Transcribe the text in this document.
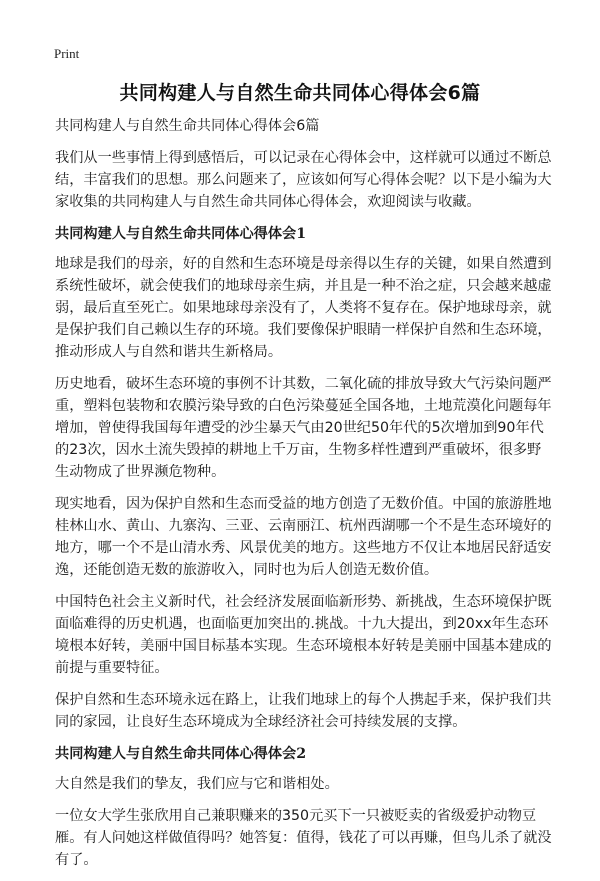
Print
共同构建人与自然生命共同体心得体会6篇

共同构建人与自然生命共同体心得体会6篇

我们从一些事情上得到感悟后，可以记录在心得体会中，这样就可以通过不断总结，丰富我们的思想。那么问题来了，应该如何写心得体会呢？以下是小编为大家收集的共同构建人与自然生命共同体心得体会，欢迎阅读与收藏。

共同构建人与自然生命共同体心得体会1

地球是我们的母亲，好的自然和生态环境是母亲得以生存的关键，如果自然遭到系统性破坏，就会使我们的地球母亲生病，并且是一种不治之症，只会越来越虚弱，最后直至死亡。如果地球母亲没有了，人类将不复存在。保护地球母亲，就是保护我们自己赖以生存的环境。我们要像保护眼睛一样保护自然和生态环境，推动形成人与自然和谐共生新格局。

历史地看，破坏生态环境的事例不计其数，二氧化硫的排放导致大气污染问题严重，塑料包装物和农膜污染导致的白色污染蔓延全国各地，土地荒漠化问题每年增加，曾使得我国每年遭受的沙尘暴天气由20世纪50年代的5次增加到90年代的23次，因水土流失毁掉的耕地上千万亩，生物多样性遭到严重破坏，很多野生动物成了世界濒危物种。

现实地看，因为保护自然和生态而受益的地方创造了无数价值。中国的旅游胜地桂林山水、黄山、九寨沟、三亚、云南丽江、杭州西湖哪一个不是生态环境好的地方，哪一个不是山清水秀、风景优美的地方。这些地方不仅让本地居民舒适安逸，还能创造无数的旅游收入，同时也为后人创造无数价值。

中国特色社会主义新时代，社会经济发展面临新形势、新挑战，生态环境保护既面临难得的历史机遇，也面临更加突出的.挑战。十九大提出，到20xx年生态环境根本好转，美丽中国目标基本实现。生态环境根本好转是美丽中国基本建成的前提与重要特征。

保护自然和生态环境永远在路上，让我们地球上的每个人携起手来，保护我们共同的家园，让良好生态环境成为全球经济社会可持续发展的支撑。

共同构建人与自然生命共同体心得体会2

大自然是我们的挚友，我们应与它和谐相处。

一位女大学生张欣用自己兼职赚来的350元买下一只被贬卖的省级爱护动物豆雁。有人问她这样做值得吗？她答复：值得，钱花了可以再赚，但鸟儿杀了就没有了。
